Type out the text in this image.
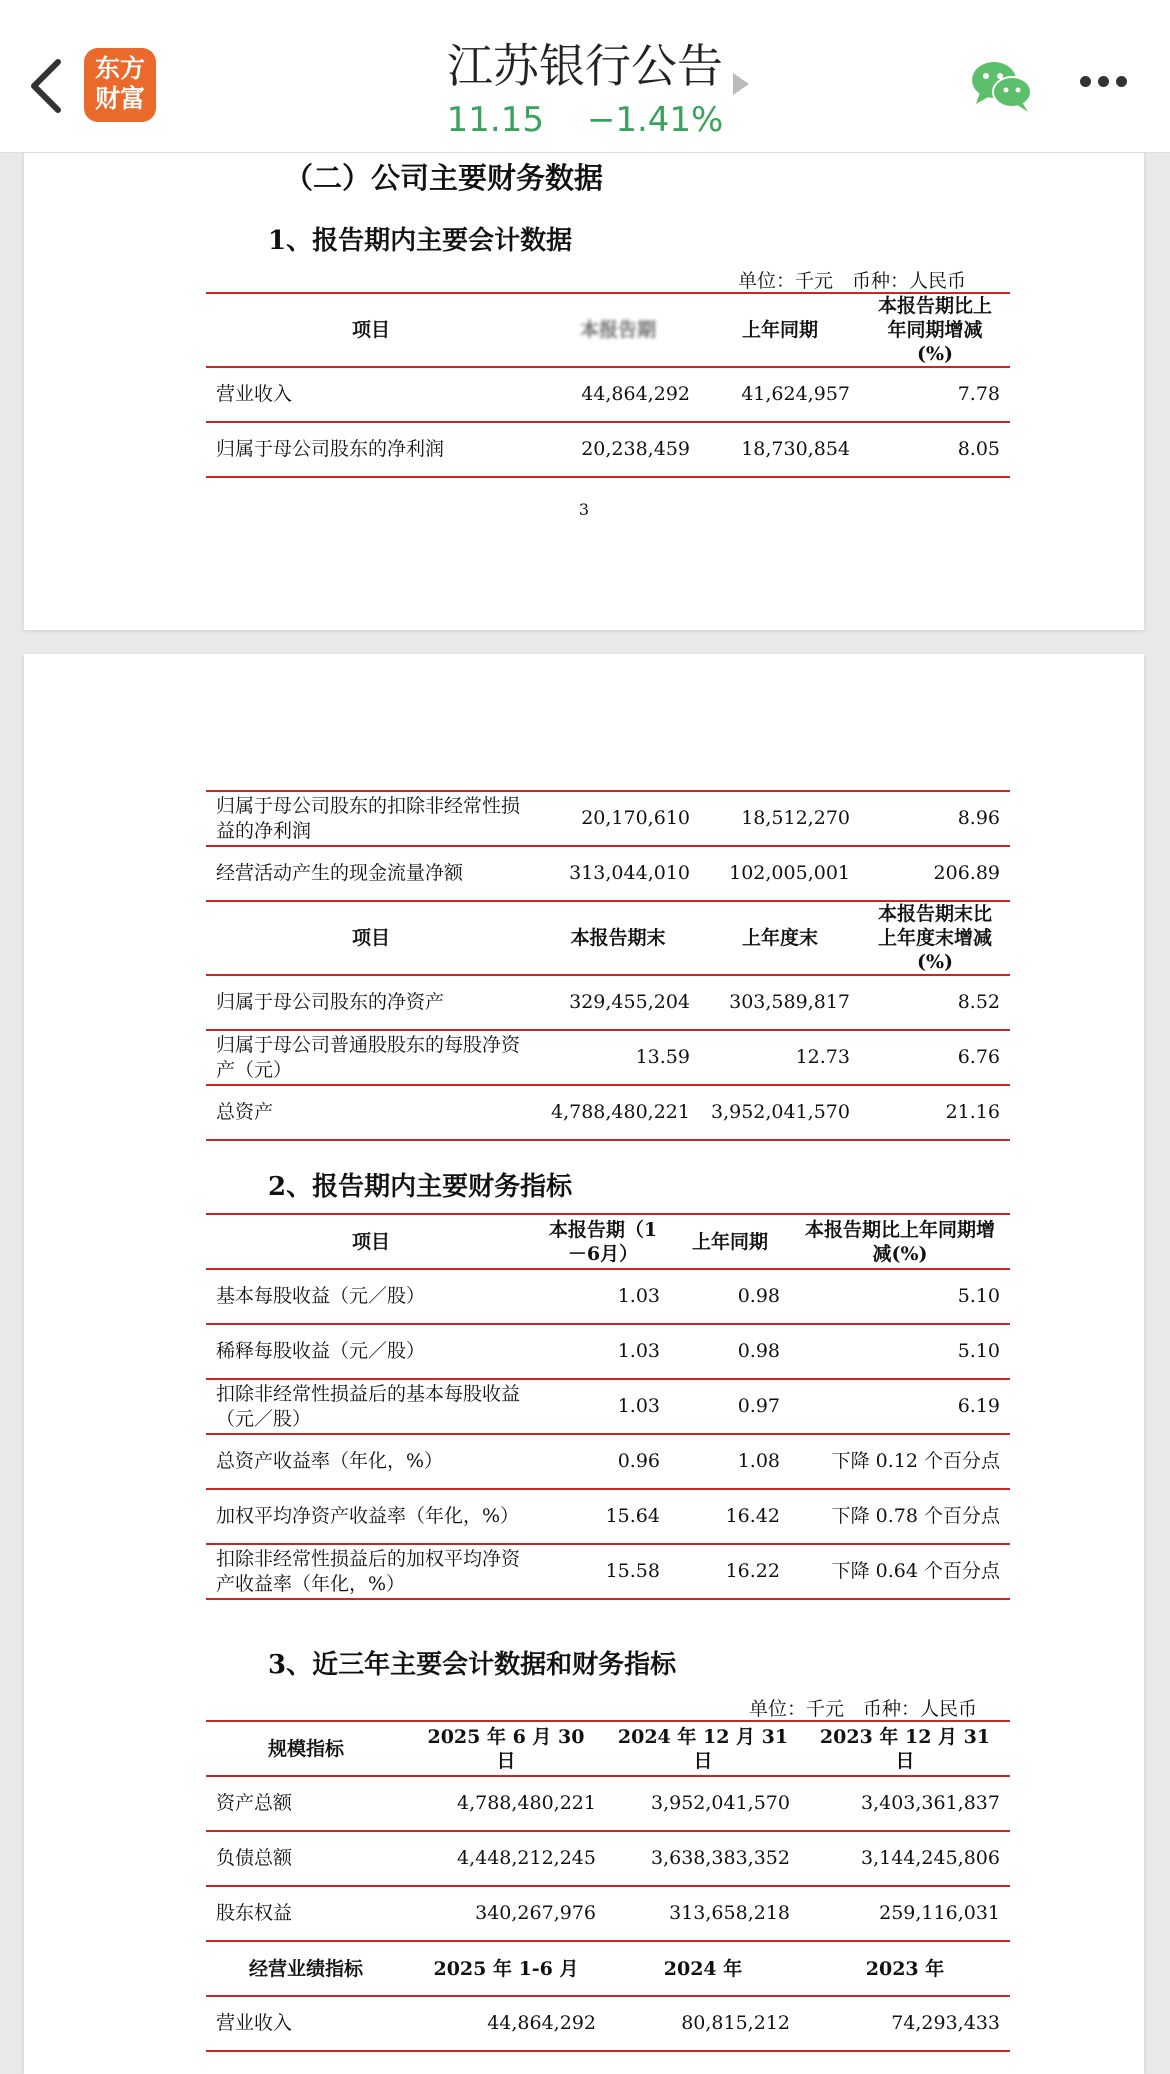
东方财富
江苏银行公告
11.15 −1.41%
（二）公司主要财务数据
1、报告期内主要会计数据
单位：千元　币种：人民币
项目	本报告期	上年同期	本报告期比上年同期增减(%)
营业收入	44,864,292	41,624,957	7.78
归属于母公司股东的净利润	20,238,459	18,730,854	8.05
3
归属于母公司股东的扣除非经常性损益的净利润	20,170,610	18,512,270	8.96
经营活动产生的现金流量净额	313,044,010	102,005,001	206.89
项目	本报告期末	上年度末	本报告期末比上年度末增减(%)
归属于母公司股东的净资产	329,455,204	303,589,817	8.52
归属于母公司普通股股东的每股净资产（元）	13.59	12.73	6.76
总资产	4,788,480,221	3,952,041,570	21.16
2、报告期内主要财务指标
项目	本报告期（1－6月）	上年同期	本报告期比上年同期增减(%)
基本每股收益（元／股）	1.03	0.98	5.10
稀释每股收益（元／股）	1.03	0.98	5.10
扣除非经常性损益后的基本每股收益（元／股）	1.03	0.97	6.19
总资产收益率（年化，%）	0.96	1.08	下降 0.12 个百分点
加权平均净资产收益率（年化，%）	15.64	16.42	下降 0.78 个百分点
扣除非经常性损益后的加权平均净资产收益率（年化，%）	15.58	16.22	下降 0.64 个百分点
3、近三年主要会计数据和财务指标
单位：千元　币种：人民币
规模指标	2025 年 6 月 30 日	2024 年 12 月 31 日	2023 年 12 月 31 日
资产总额	4,788,480,221	3,952,041,570	3,403,361,837
负债总额	4,448,212,245	3,638,383,352	3,144,245,806
股东权益	340,267,976	313,658,218	259,116,031
经营业绩指标	2025 年 1-6 月	2024 年	2023 年
营业收入	44,864,292	80,815,212	74,293,433
